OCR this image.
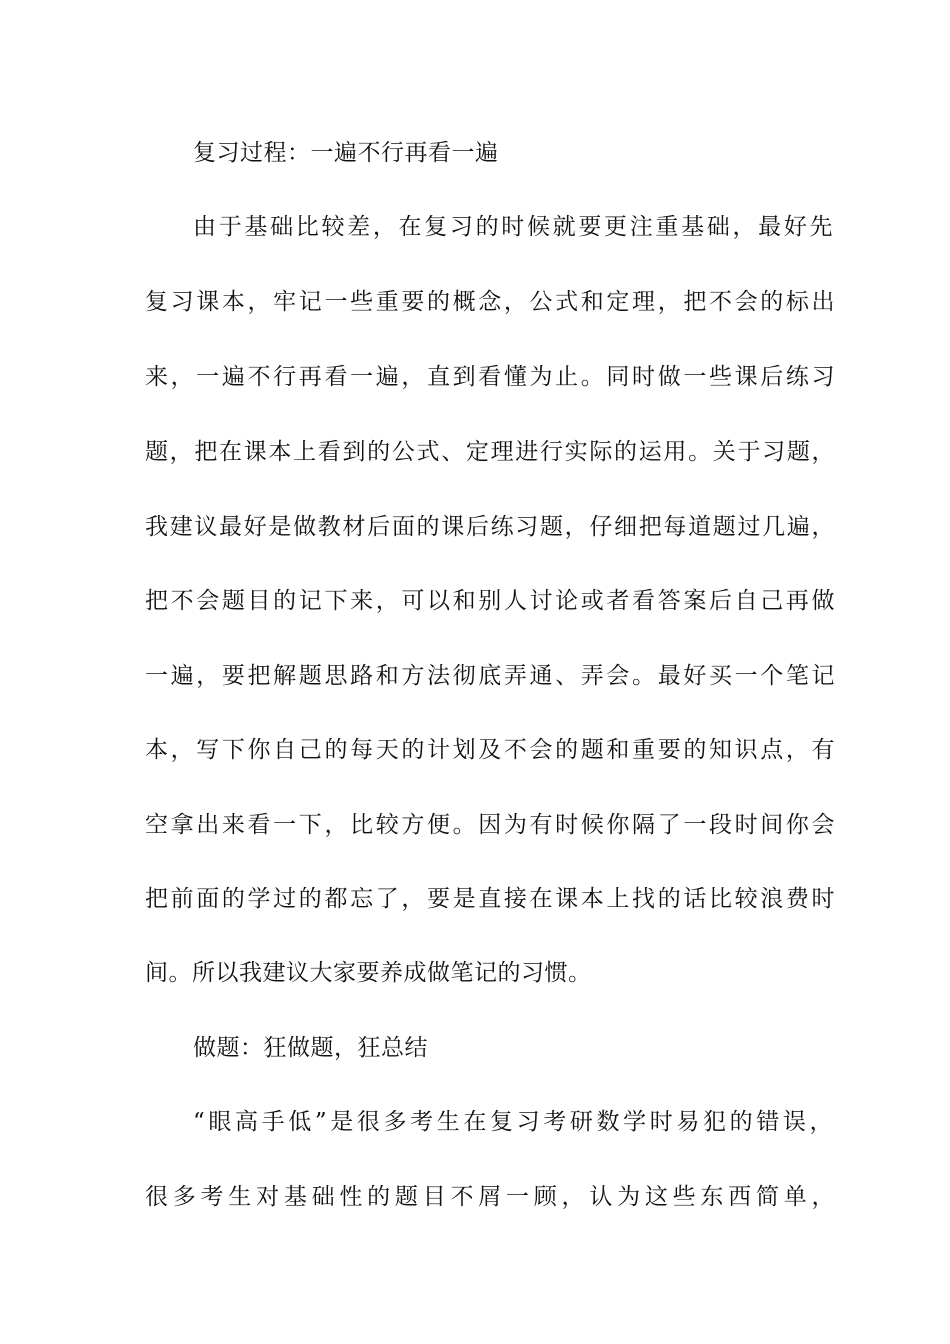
复习过程：一遍不行再看一遍
由于基础比较差，在复习的时候就要更注重基础，最好先
复习课本，牢记一些重要的概念，公式和定理，把不会的标出
来，一遍不行再看一遍，直到看懂为止。同时做一些课后练习
题，把在课本上看到的公式、定理进行实际的运用。关于习题，
我建议最好是做教材后面的课后练习题，仔细把每道题过几遍，
把不会题目的记下来，可以和别人讨论或者看答案后自己再做
一遍，要把解题思路和方法彻底弄通、弄会。最好买一个笔记
本，写下你自己的每天的计划及不会的题和重要的知识点，有
空拿出来看一下，比较方便。因为有时候你隔了一段时间你会
把前面的学过的都忘了，要是直接在课本上找的话比较浪费时
间。所以我建议大家要养成做笔记的习惯。
做题：狂做题，狂总结
“眼高手低”是很多考生在复习考研数学时易犯的错误，
很多考生对基础性的题目不屑一顾，认为这些东西简单，
